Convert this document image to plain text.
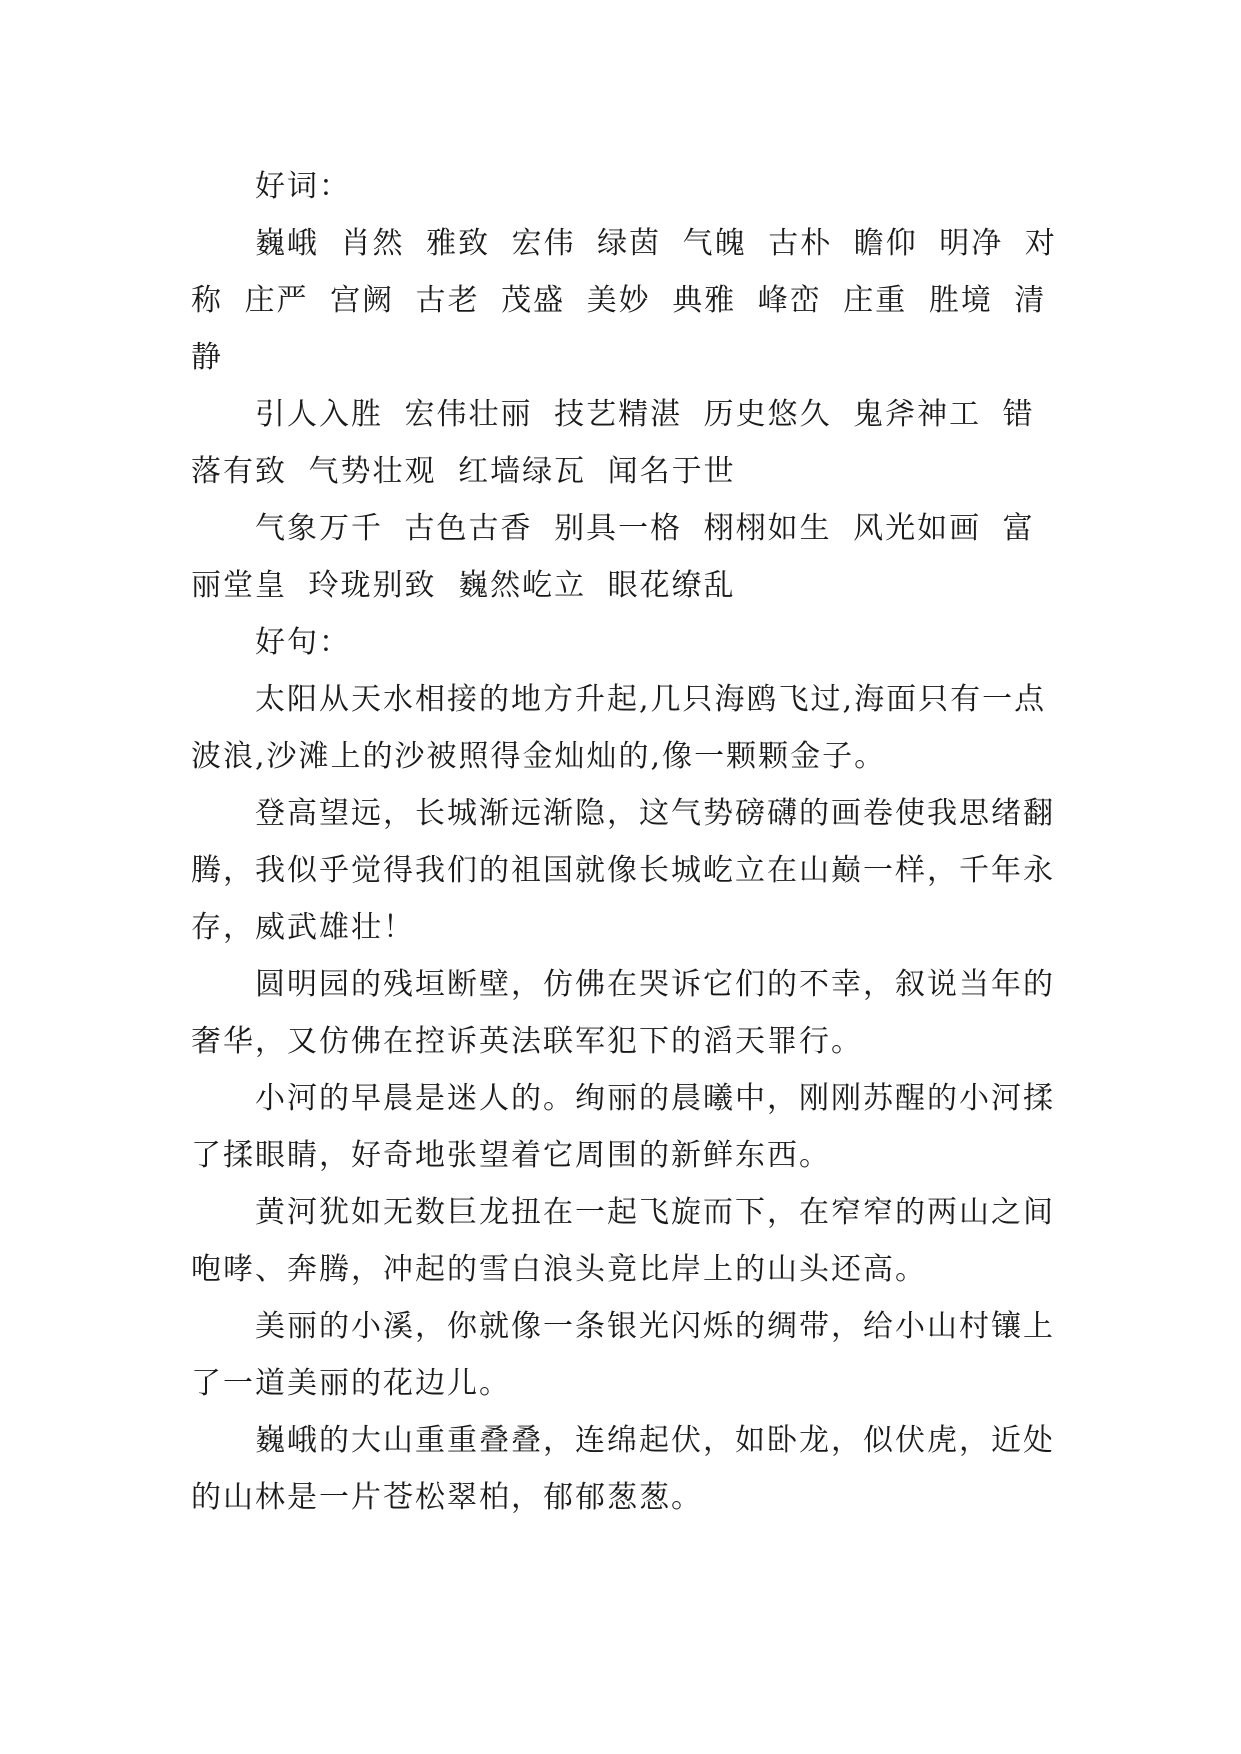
好词：

巍峨 肖然 雅致 宏伟 绿茵 气魄 古朴 瞻仰 明净 对称 庄严 宫阙 古老 茂盛 美妙 典雅 峰峦 庄重 胜境 清静

引人入胜 宏伟壮丽 技艺精湛 历史悠久 鬼斧神工 错落有致 气势壮观 红墙绿瓦 闻名于世

气象万千 古色古香 别具一格 栩栩如生 风光如画 富丽堂皇 玲珑别致 巍然屹立 眼花缭乱

好句：

太阳从天水相接的地方升起,几只海鸥飞过,海面只有一点波浪,沙滩上的沙被照得金灿灿的,像一颗颗金子。

登高望远，长城渐远渐隐，这气势磅礴的画卷使我思绪翻腾，我似乎觉得我们的祖国就像长城屹立在山巅一样，千年永存，威武雄壮！

圆明园的残垣断壁，仿佛在哭诉它们的不幸，叙说当年的奢华，又仿佛在控诉英法联军犯下的滔天罪行。

小河的早晨是迷人的。绚丽的晨曦中，刚刚苏醒的小河揉了揉眼睛，好奇地张望着它周围的新鲜东西。

黄河犹如无数巨龙扭在一起飞旋而下，在窄窄的两山之间咆哮、奔腾，冲起的雪白浪头竟比岸上的山头还高。

美丽的小溪，你就像一条银光闪烁的绸带，给小山村镶上了一道美丽的花边儿。

巍峨的大山重重叠叠，连绵起伏，如卧龙，似伏虎，近处的山林是一片苍松翠柏，郁郁葱葱。
